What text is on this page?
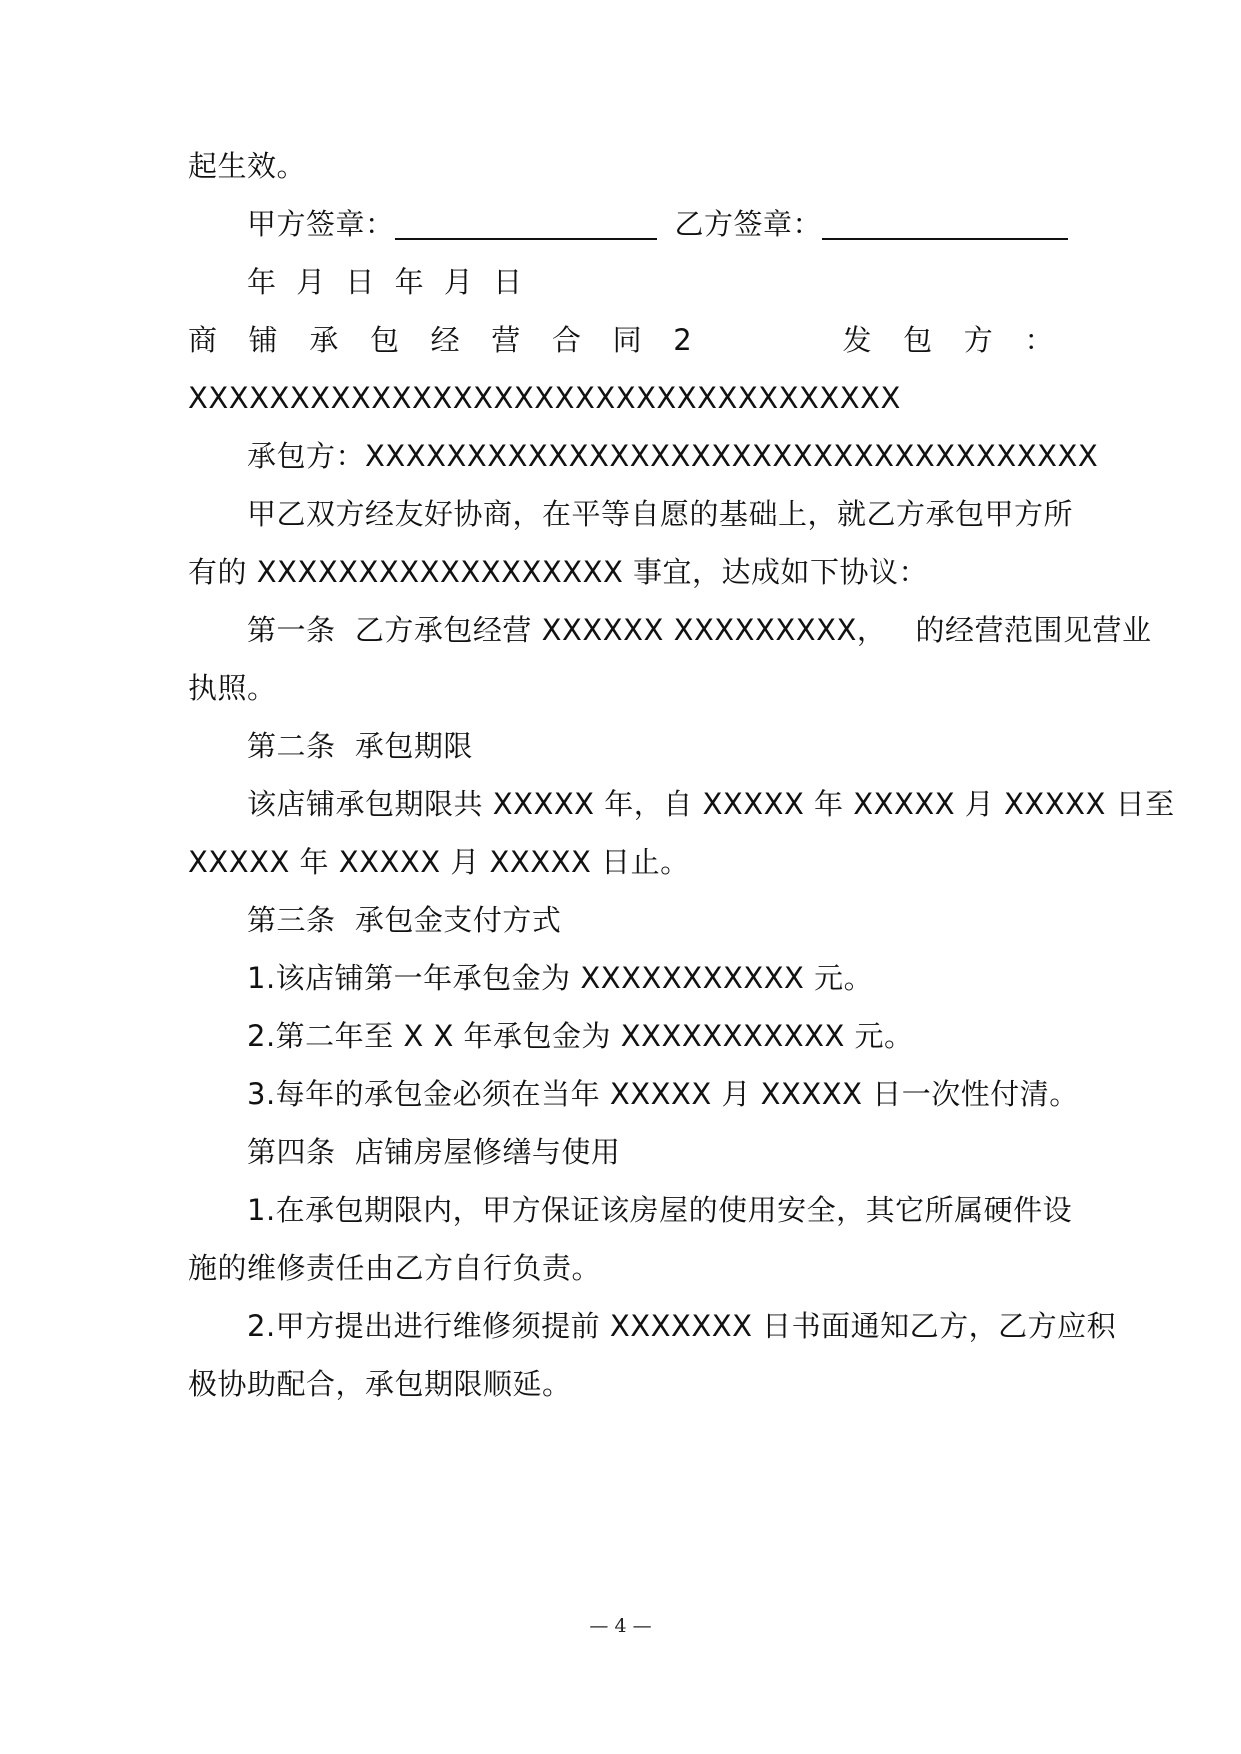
起生效。
甲方签章：	乙方签章：
年 月 日 年 月 日
商 铺 承 包 经 营 合 同 2	发 包 方 ：
XXXXXXXXXXXXXXXXXXXXXXXXXXXXXXXXXXX
承包方：XXXXXXXXXXXXXXXXXXXXXXXXXXXXXXXXXXXX
甲乙双方经友好协商，在平等自愿的基础上，就乙方承包甲方所
有的 XXXXXXXXXXXXXXXXXX 事宜，达成如下协议：
第一条  乙方承包经营 XXXXXX XXXXXXXXX，   的经营范围见营业
执照。
第二条  承包期限
该店铺承包期限共 XXXXX 年，自 XXXXX 年 XXXXX 月 XXXXX 日至
XXXXX 年 XXXXX 月 XXXXX 日止。
第三条  承包金支付方式
1.该店铺第一年承包金为 XXXXXXXXXXX 元。
2.第二年至 X X 年承包金为 XXXXXXXXXXX 元。
3.每年的承包金必须在当年 XXXXX 月 XXXXX 日一次性付清。
第四条  店铺房屋修缮与使用
1.在承包期限内，甲方保证该房屋的使用安全，其它所属硬件设
施的维修责任由乙方自行负责。
2.甲方提出进行维修须提前 XXXXXXX 日书面通知乙方，乙方应积
极协助配合，承包期限顺延。
— 4 —
